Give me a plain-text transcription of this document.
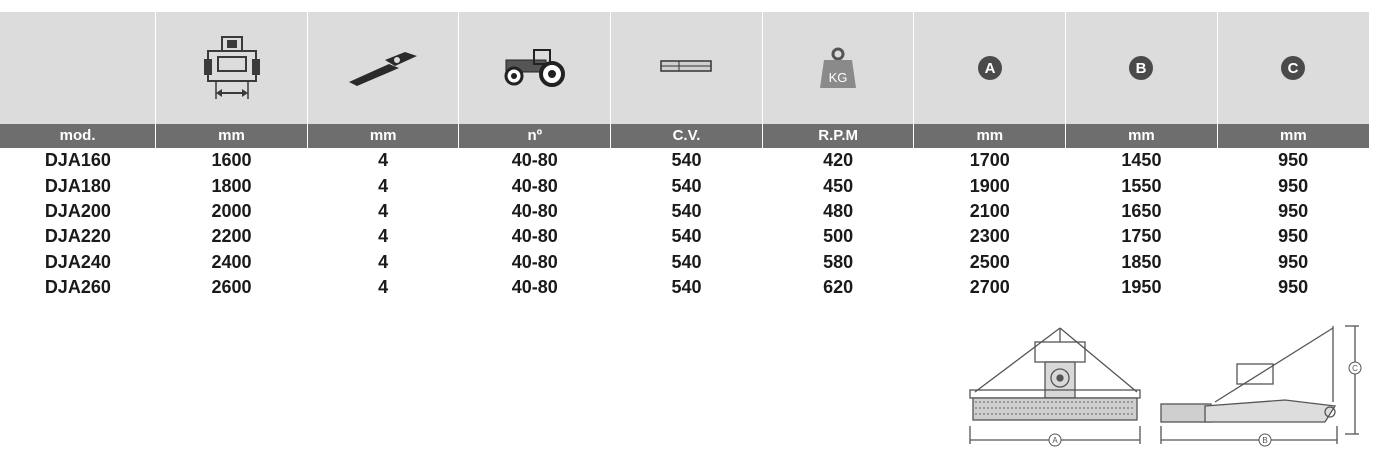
KG	A	B	C

mod.	mm	mm	nº	C.V.	R.P.M	mm	mm	mm
DJA160	1600	4	40-80	540	420	1700	1450	950
DJA180	1800	4	40-80	540	450	1900	1550	950
DJA200	2000	4	40-80	540	480	2100	1650	950
DJA220	2200	4	40-80	540	500	2300	1750	950
DJA240	2400	4	40-80	540	580	2500	1850	950
DJA260	2600	4	40-80	540	620	2700	1950	950
A	B
C
